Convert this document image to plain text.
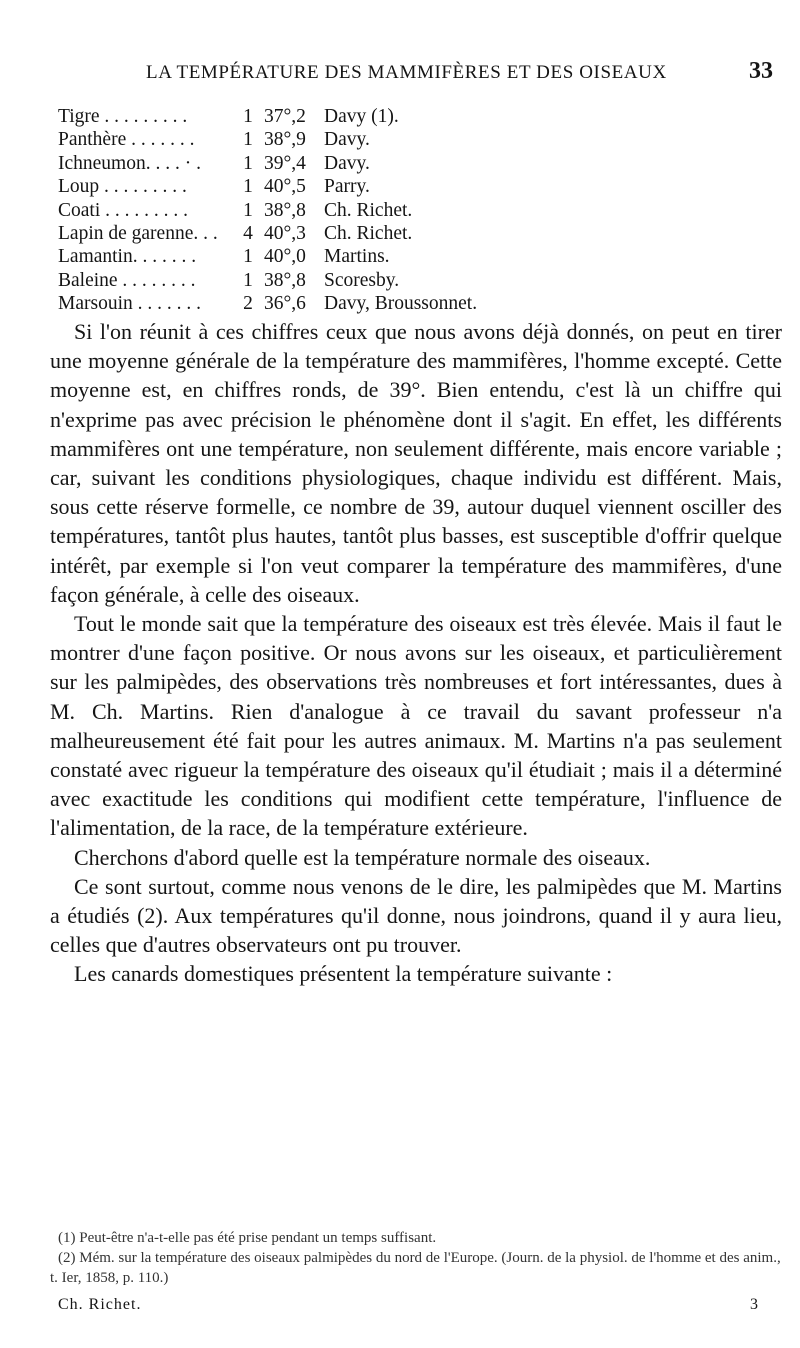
LA TEMPÉRATURE DES MAMMIFÈRES ET DES OISEAUX	33
Tigre . . . . . . . . .	1 37°,2 Davy (1).
Panthère . . . . . . .	1 38°,9 Davy.
Ichneumon. . . . · .	1 39°,4 Davy.
Loup . . . . . . . . .	1 40°,5 Parry.
Coati . . . . . . . . .	1 38°,8 Ch. Richet.
Lapin de garenne. . .	4 40°,3 Ch. Richet.
Lamantin. . . . . . .	1 40°,0 Martins.
Baleine . . . . . . . .	1 38°,8 Scoresby.
Marsouin . . . . . . .	2 36°,6 Davy, Broussonnet.

Si l'on réunit à ces chiffres ceux que nous avons déjà donnés, on peut en tirer une moyenne générale de la température des mammifères, l'homme excepté. Cette moyenne est, en chiffres ronds, de 39°. Bien entendu, c'est là un chiffre qui n'exprime pas avec précision le phénomène dont il s'agit. En effet, les différents mammifères ont une température, non seulement différente, mais encore variable ; car, suivant les conditions physiologiques, chaque individu est différent. Mais, sous cette réserve formelle, ce nombre de 39, autour duquel viennent osciller des températures, tantôt plus hautes, tantôt plus basses, est susceptible d'offrir quelque intérêt, par exemple si l'on veut comparer la température des mammifères, d'une façon générale, à celle des oiseaux.

Tout le monde sait que la température des oiseaux est très élevée. Mais il faut le montrer d'une façon positive. Or nous avons sur les oiseaux, et particulièrement sur les palmipèdes, des observations très nombreuses et fort intéressantes, dues à M. Ch. Martins. Rien d'analogue à ce travail du savant professeur n'a malheureusement été fait pour les autres animaux. M. Martins n'a pas seulement constaté avec rigueur la température des oiseaux qu'il étudiait ; mais il a déterminé avec exactitude les conditions qui modifient cette température, l'influence de l'alimentation, de la race, de la température extérieure.

Cherchons d'abord quelle est la température normale des oiseaux.

Ce sont surtout, comme nous venons de le dire, les palmipèdes que M. Martins a étudiés (2). Aux températures qu'il donne, nous joindrons, quand il y aura lieu, celles que d'autres observateurs ont pu trouver.

Les canards domestiques présentent la température suivante :

(1) Peut-être n'a-t-elle pas été prise pendant un temps suffisant.

(2) Mém. sur la température des oiseaux palmipèdes du nord de l'Europe. (Journ. de la physiol. de l'homme et des anim., t. Ier, 1858, p. 110.)

Ch. Richet.	3
